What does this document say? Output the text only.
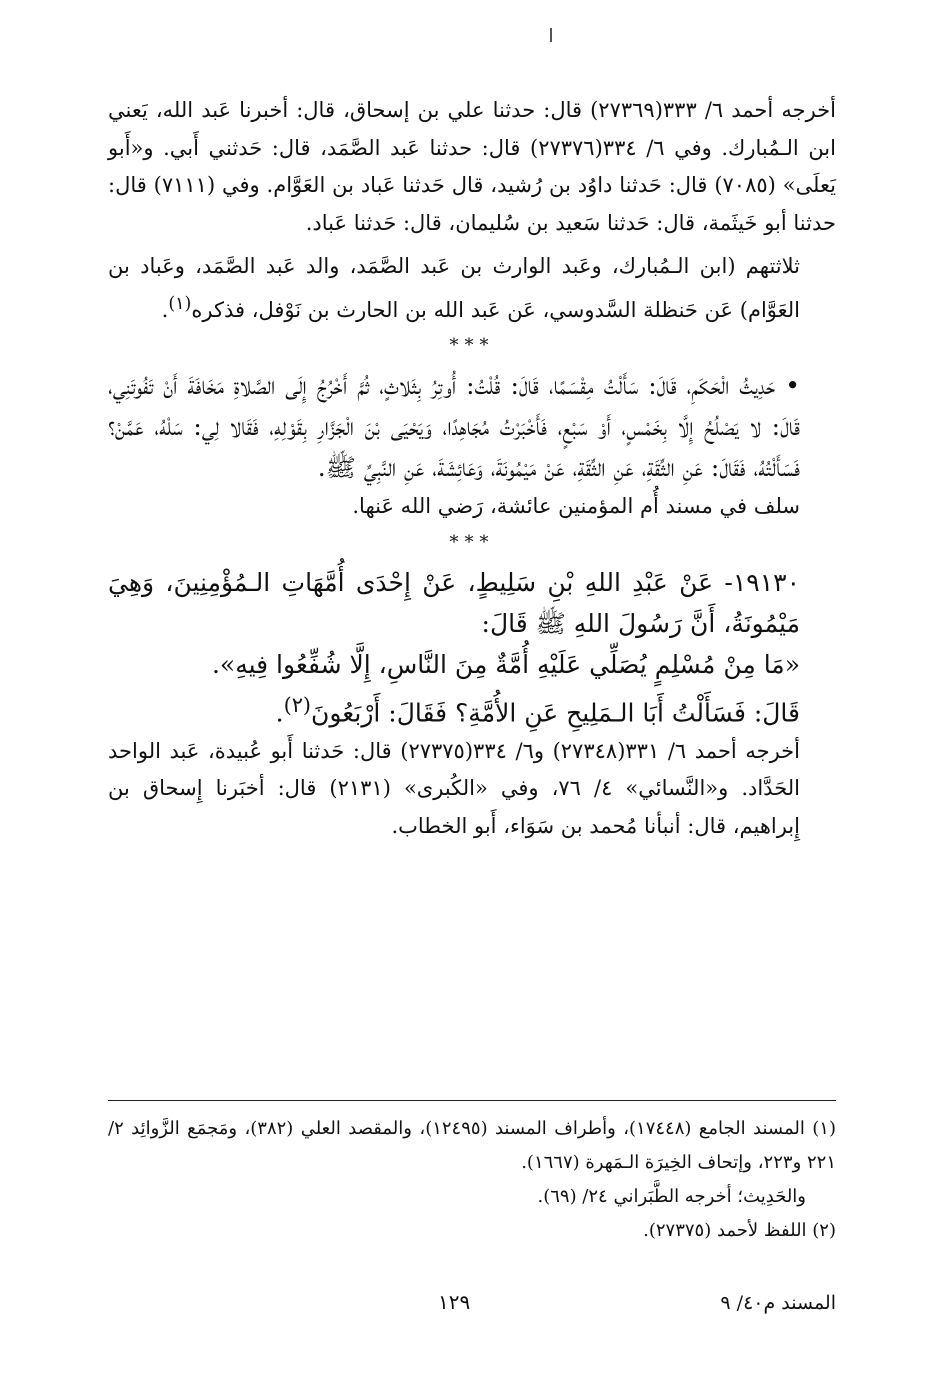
أخرجه أحمد ٦/ ٣٣٣(٢٧٣٦٩) قال: حدثنا علي بن إسحاق، قال: أخبرنا عَبد الله، يَعني ابن الـمُبارك. وفي ٦/ ٣٣٤(٢٧٣٧٦) قال: حدثنا عَبد الصَّمَد، قال: حَدثني أَبي. و«أَبو يَعلَى» (٧٠٨٥) قال: حَدثنا داوُد بن رُشيد، قال حَدثنا عَباد بن العَوَّام. وفي (٧١١١) قال: حدثنا أبو خَيثَمة، قال: حَدثنا سَعيد بن سُليمان، قال: حَدثنا عَباد.

ثلاثتهم (ابن الـمُبارك، وعَبد الوارث بن عَبد الصَّمَد، والد عَبد الصَّمَد، وعَباد بن العَوَّام) عَن حَنظلة السَّدوسي، عَن عَبد الله بن الحارث بن نَوْفل، فذكره$^{(١)}$.

***

• حَدِيثُ الْحَكَمِ، قَالَ: سَأَلْتُ مِقْسَمًا، قَالَ: قُلْتُ: أُوتِرُ بِثَلاثٍ، ثُمَّ أَخْرُجُ إِلَى الصَّلاةِ مَخَافَةَ أَنْ تَفُوتَنِي، قَالَ: لا يَصْلُحُ إِلَّا بِخَمْسٍ، أَوْ سَبْعٍ، فَأَخْبَرْتُ مُجَاهِدًا، وَيَحْيَى بْنَ الْجَزَّارِ بِقَوْلِهِ، فَقَالا لِي: سَلْهُ، عَمَّنْ؟ فَسَأَلْتُهُ، فَقَالَ: عَنِ الثِّقَةِ، عَنِ الثِّقَةِ، عَنْ مَيْمُونَةَ، وَعَائِشَةَ، عَنِ النَّبِيِّ ﷺ.

سلف في مسند أُم المؤمنين عائشة، رَضي الله عَنها.

***

١٩١٣٠- عَنْ عَبْدِ اللهِ بْنِ سَلِيطٍ، عَنْ إِحْدَى أُمَّهَاتِ الـمُؤْمِنِينَ، وَهِيَ مَيْمُونَةُ، أَنَّ رَسُولَ اللهِ ﷺ قَالَ:

«مَا مِنْ مُسْلِمٍ يُصَلِّي عَلَيْهِ أُمَّةٌ مِنَ النَّاسِ، إِلَّا شُفِّعُوا فِيهِ».

قَالَ: فَسَأَلْتُ أَبَا الـمَلِيحِ عَنِ الأُمَّةِ؟ فَقَالَ: أَرْبَعُونَ$^{(٢)}$.

أخرجه أحمد ٦/ ٣٣١(٢٧٣٤٨) و٦/ ٣٣٤(٢٧٣٧٥) قال: حَدثنا أَبو عُبيدة، عَبد الواحد الحَدَّاد. و«النَّسائي» ٤/ ٧٦، وفي «الكُبرى» (٢١٣١) قال: أخبَرنا إِسحاق بن إِبراهيم، قال: أنبأنا مُحمد بن سَوَاء، أَبو الخطاب.

(١) المسند الجامع (١٧٤٤٨)، وأطراف المسند (١٢٤٩٥)، والمقصد العلي (٣٨٢)، ومَجمَع الزَّوائِد ٢/ ٢٢١ و٢٢٣، وإتحاف الخِيرَة الـمَهرة (١٦٦٧).

والحَدِيث؛ أخرجه الطَّبَراني ٢٤/ (٦٩).

(٢) اللفظ لأحمد (٢٧٣٧٥).

المسند م٤٠/ ٩
١٢٩
